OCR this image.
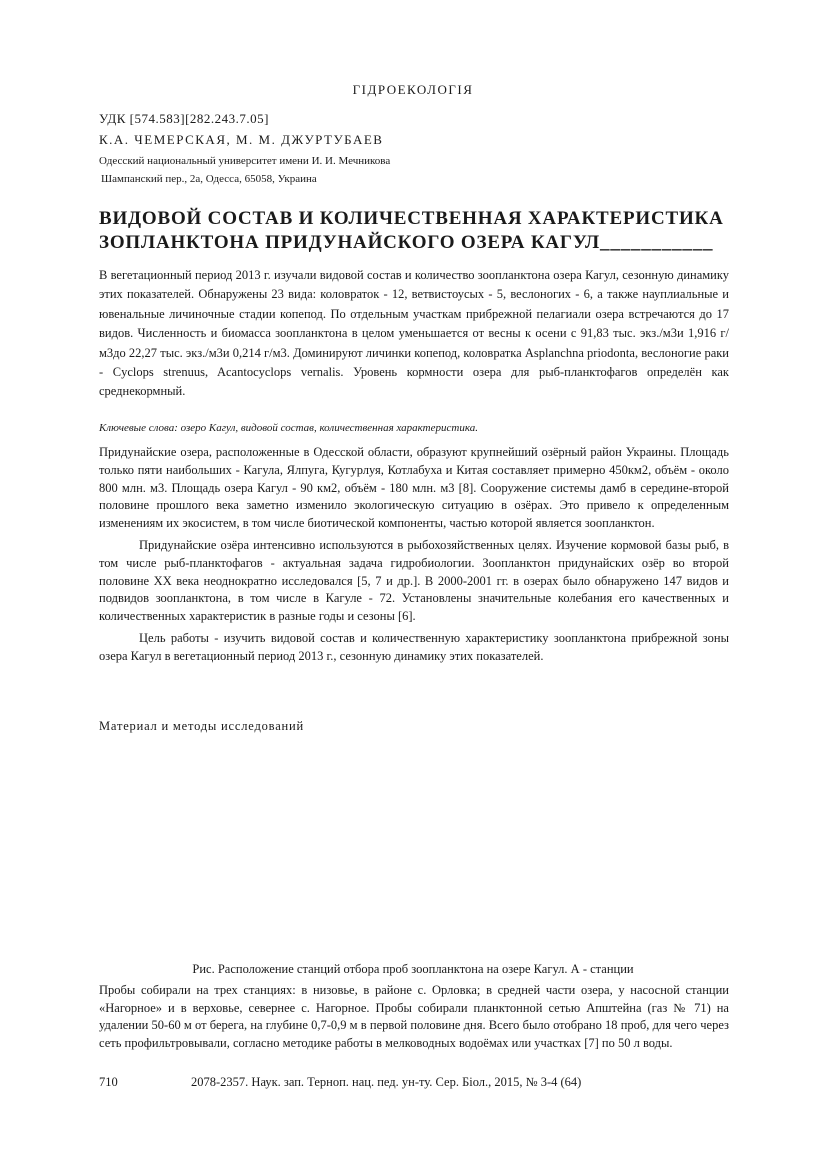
ГІДРОЕКОЛОГІЯ
УДК [574.583][282.243.7.05]
К.А. ЧЕМЕРСКАЯ, М. М. ДЖУРТУБАЕВ
Одесский национальный университет имени И. И. Мечникова
Шампанский пер., 2а, Одесса, 65058, Украина
ВИДОВОЙ СОСТАВ И КОЛИЧЕСТВЕННАЯ ХАРАКТЕРИСТИКА
ЗОПЛАНКТОНА ПРИДУНАЙСКОГО ОЗЕРА КАГУЛ___________

В вегетационный период 2013 г. изучали видовой состав и количество зоопланктона озера Кагул, сезонную динамику этих показателей. Обнаружены 23 вида: коловраток - 12, ветвистоусых - 5, веслоногих - 6, а также науплиальные и ювенальные личиночные стадии копепод. По отдельным участкам прибрежной пелагиали озера встречаются до 17 видов. Численность и биомасса зоопланктона в целом уменьшается от весны к осени с 91,83 тыс. экз./м3и 1,916 г/м3до 22,27 тыс. экз./м3и 0,214 г/м3. Доминируют личинки копепод, коловратка Asplanchna priodonta, веслоногие раки - Cyclops strenuus, Acantocyclops vernalis. Уровень кормности озера для рыб-планктофагов определён как среднекормный.

Ключевые слова: озеро Кагул, видовой состав, количественная характеристика.

Придунайские озера, расположенные в Одесской области, образуют крупнейший озёрный район Украины. Площадь только пяти наибольших - Кагула, Ялпуга, Кугурлуя, Котлабуха и Китая составляет примерно 450км2, объём - около 800 млн. м3. Площадь озера Кагул - 90 км2, объём - 180 млн. м3 [8]. Сооружение системы дамб в середине-второй половине прошлого века заметно изменило экологическую ситуацию в озёрах. Это привело к определенным изменениям их экосистем, в том числе биотической компоненты, частью которой является зоопланктон.

Придунайские озёра интенсивно используются в рыбохозяйственных целях. Изучение кормовой базы рыб, в том числе рыб-планктофагов - актуальная задача гидробиологии. Зоопланктон придунайских озёр во второй половине XX века неоднократно исследовался [5, 7 и др.]. В 2000-2001 гг. в озерах было обнаружено 147 видов и подвидов зоопланктона, в том числе в Кагуле - 72. Установлены значительные колебания его качественных и количественных характеристик в разные годы и сезоны [6].

Цель работы - изучить видовой состав и количественную характеристику зоопланктона прибрежной зоны озера Кагул в вегетационный период 2013 г., сезонную динамику этих показателей.

Материал и методы исследований
Рис. Расположение станций отбора проб зоопланктона на озере Кагул. А - станции

Пробы собирали на трех станциях: в низовье, в районе с. Орловка; в средней части озера, у насосной станции «Нагорное» и в верховье, севернее с. Нагорное. Пробы собирали планктонной сетью Апштейна (газ № 71) на удалении 50-60 м от берега, на глубине 0,7-0,9 м в первой половине дня. Всего было отобрано 18 проб, для чего через сеть профильтровывали, согласно методике работы в мелководных водоёмах или участках [7] по 50 л воды.

710	2078-2357. Наук. зап. Терноп. нац. пед. ун-ту. Сер. Біол., 2015, № 3-4 (64)
